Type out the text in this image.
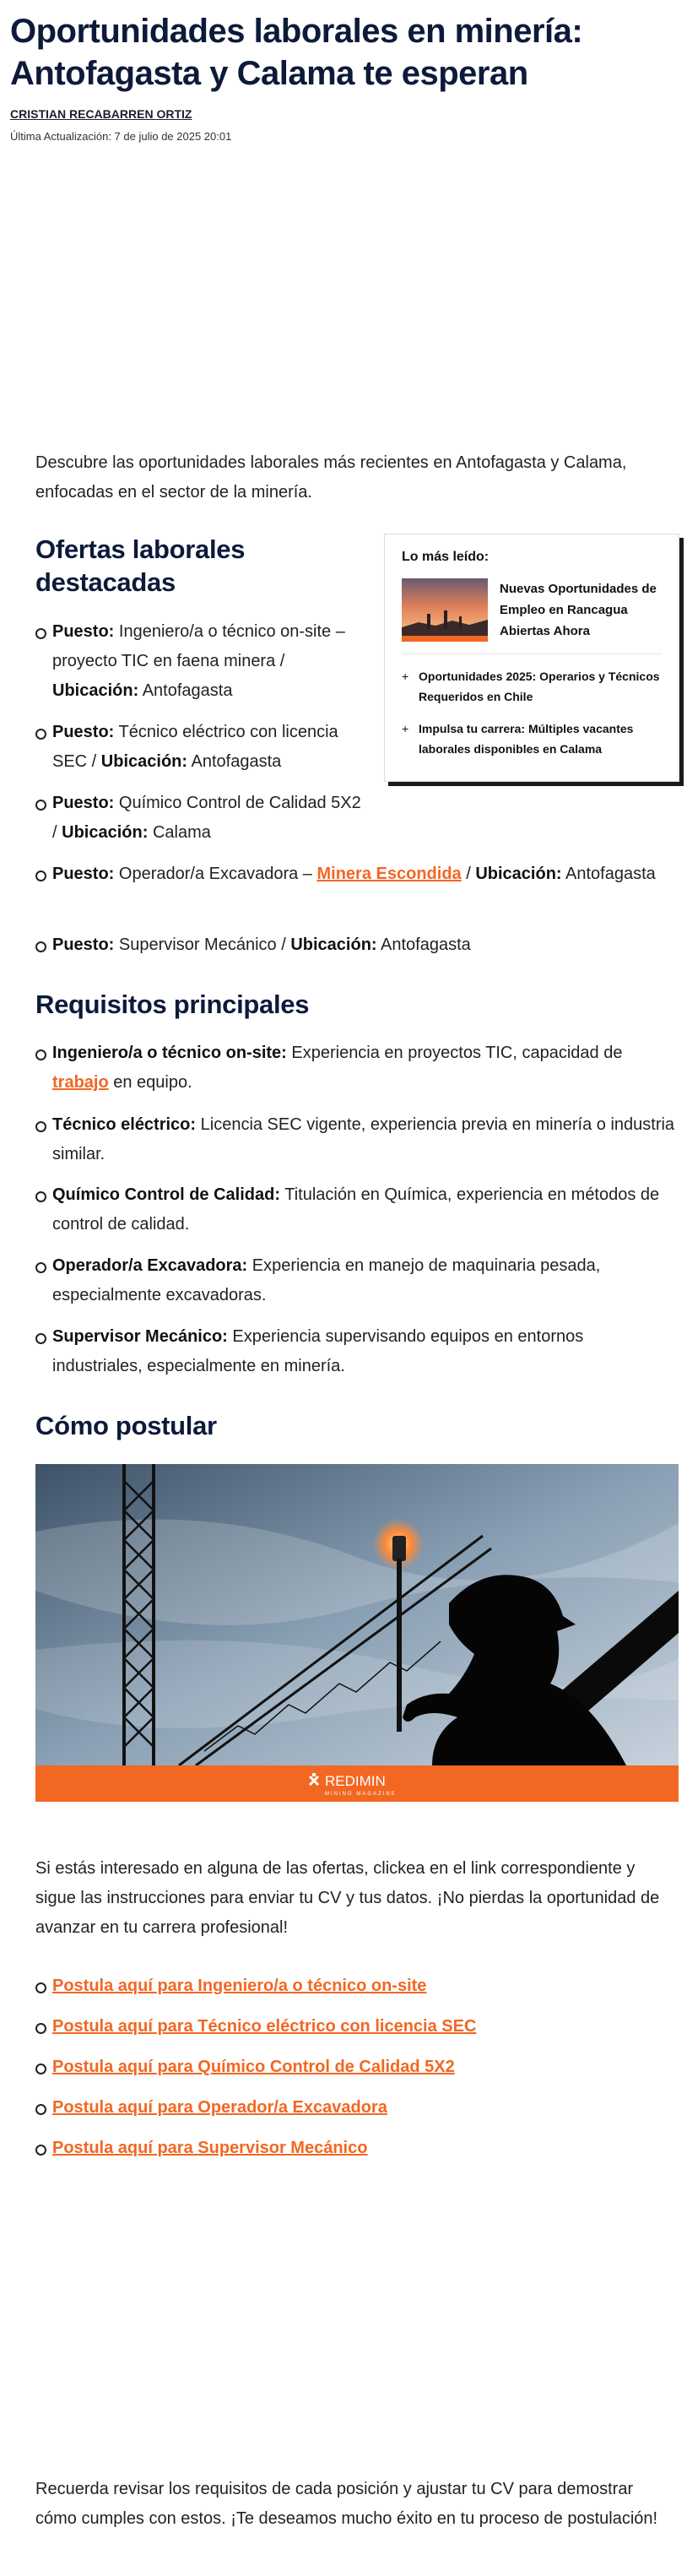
Oportunidades laborales en minería: Antofagasta y Calama te esperan
CRISTIAN RECABARREN ORTIZ
Última Actualización: 7 de julio de 2025 20:01

Descubre las oportunidades laborales más recientes en Antofagasta y Calama, enfocadas en el sector de la minería.

Ofertas laborales destacadas
Puesto: Ingeniero/a o técnico on-site – proyecto TIC en faena minera / Ubicación: Antofagasta
Puesto: Técnico eléctrico con licencia SEC / Ubicación: Antofagasta
Puesto: Químico Control de Calidad 5X2 / Ubicación: Calama
Puesto: Operador/a Excavadora – Minera Escondida / Ubicación: Antofagasta
Puesto: Supervisor Mecánico / Ubicación: Antofagasta
Lo más leído:
Nuevas Oportunidades de Empleo en Rancagua Abiertas Ahora
+ Oportunidades 2025: Operarios y Técnicos Requeridos en Chile
+ Impulsa tu carrera: Múltiples vacantes laborales disponibles en Calama
Requisitos principales
Ingeniero/a o técnico on-site: Experiencia en proyectos TIC, capacidad de trabajo en equipo.
Técnico eléctrico: Licencia SEC vigente, experiencia previa en minería o industria similar.
Químico Control de Calidad: Titulación en Química, experiencia en métodos de control de calidad.
Operador/a Excavadora: Experiencia en manejo de maquinaria pesada, especialmente excavadoras.
Supervisor Mecánico: Experiencia supervisando equipos en entornos industriales, especialmente en minería.
Cómo postular
REDIMIN
MINING MAGAZINE

Si estás interesado en alguna de las ofertas, clickea en el link correspondiente y sigue las instrucciones para enviar tu CV y tus datos. ¡No pierdas la oportunidad de avanzar en tu carrera profesional!

Postula aquí para Ingeniero/a o técnico on-site
Postula aquí para Técnico eléctrico con licencia SEC
Postula aquí para Químico Control de Calidad 5X2
Postula aquí para Operador/a Excavadora
Postula aquí para Supervisor Mecánico

Recuerda revisar los requisitos de cada posición y ajustar tu CV para demostrar cómo cumples con estos. ¡Te deseamos mucho éxito en tu proceso de postulación!
